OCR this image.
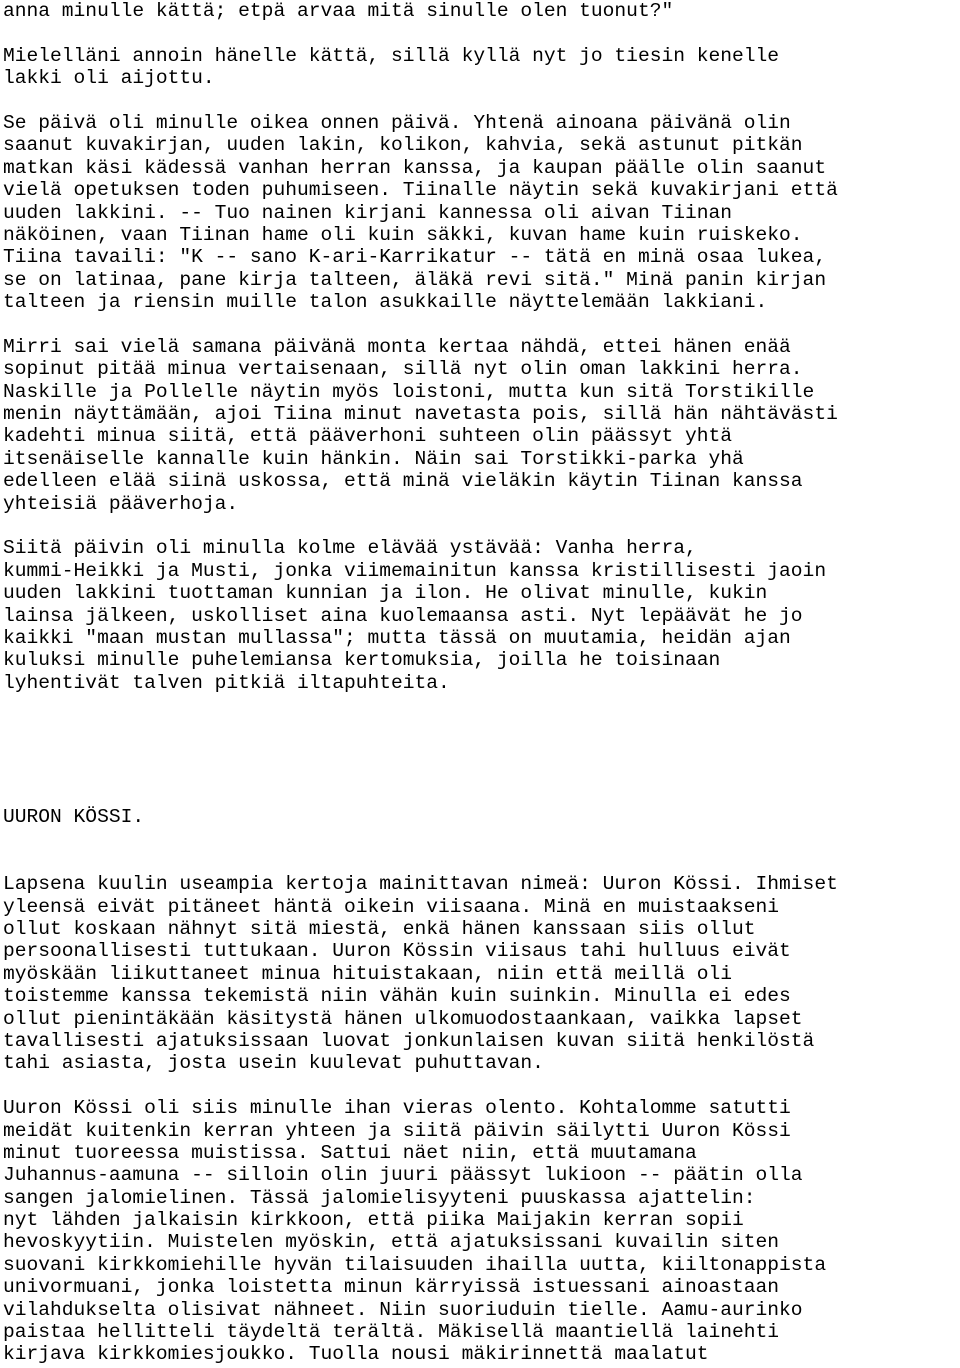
anna minulle kättä; etpä arvaa mitä sinulle olen tuonut?"
Mielelläni annoin hänelle kättä, sillä kyllä nyt jo tiesin kenelle
lakki oli aijottu.
Se päivä oli minulle oikea onnen päivä. Yhtenä ainoana päivänä olin
saanut kuvakirjan, uuden lakin, kolikon, kahvia, sekä astunut pitkän
matkan käsi kädessä vanhan herran kanssa, ja kaupan päälle olin saanut
vielä opetuksen toden puhumiseen. Tiinalle näytin sekä kuvakirjani että
uuden lakkini. -- Tuo nainen kirjani kannessa oli aivan Tiinan
näköinen, vaan Tiinan hame oli kuin säkki, kuvan hame kuin ruiskeko.
Tiina tavaili: "K -- sano K-ari-Karrikatur -- tätä en minä osaa lukea,
se on latinaa, pane kirja talteen, äläkä revi sitä." Minä panin kirjan
talteen ja riensin muille talon asukkaille näyttelemään lakkiani.
Mirri sai vielä samana päivänä monta kertaa nähdä, ettei hänen enää
sopinut pitää minua vertaisenaan, sillä nyt olin oman lakkini herra.
Naskille ja Pollelle näytin myös loistoni, mutta kun sitä Torstikille
menin näyttämään, ajoi Tiina minut navetasta pois, sillä hän nähtävästi
kadehti minua siitä, että pääverhoni suhteen olin päässyt yhtä
itsenäiselle kannalle kuin hänkin. Näin sai Torstikki-parka yhä
edelleen elää siinä uskossa, että minä vieläkin käytin Tiinan kanssa
yhteisiä pääverhoja.
Siitä päivin oli minulla kolme elävää ystävää: Vanha herra,
kummi-Heikki ja Musti, jonka viimemainitun kanssa kristillisesti jaoin
uuden lakkini tuottaman kunnian ja ilon. He olivat minulle, kukin
lainsa jälkeen, uskolliset aina kuolemaansa asti. Nyt lepäävät he jo
kaikki "maan mustan mullassa"; mutta tässä on muutamia, heidän ajan
kuluksi minulle puhelemiansa kertomuksia, joilla he toisinaan
lyhentivät talven pitkiä iltapuhteita.
UURON KÖSSI.
Lapsena kuulin useampia kertoja mainittavan nimeä: Uuron Kössi. Ihmiset
yleensä eivät pitäneet häntä oikein viisaana. Minä en muistaakseni
ollut koskaan nähnyt sitä miestä, enkä hänen kanssaan siis ollut
persoonallisesti tuttukaan. Uuron Kössin viisaus tahi hulluus eivät
myöskään liikuttaneet minua hituistakaan, niin että meillä oli
toistemme kanssa tekemistä niin vähän kuin suinkin. Minulla ei edes
ollut pienintäkään käsitystä hänen ulkomuodostaankaan, vaikka lapset
tavallisesti ajatuksissaan luovat jonkunlaisen kuvan siitä henkilöstä
tahi asiasta, josta usein kuulevat puhuttavan.
Uuron Kössi oli siis minulle ihan vieras olento. Kohtalomme satutti
meidät kuitenkin kerran yhteen ja siitä päivin säilytti Uuron Kössi
minut tuoreessa muistissa. Sattui näet niin, että muutamana
Juhannus-aamuna -- silloin olin juuri päässyt lukioon -- päätin olla
sangen jalomielinen. Tässä jalomielisyyteni puuskassa ajattelin:
nyt lähden jalkaisin kirkkoon, että piika Maijakin kerran sopii
hevoskyytiin. Muistelen myöskin, että ajatuksissani kuvailin siten
suovani kirkkomiehille hyvän tilaisuuden ihailla uutta, kiiltonappista
univormuani, jonka loistetta minun kärryissä istuessani ainoastaan
vilahdukselta olisivat nähneet. Niin suoriuduin tielle. Aamu-aurinko
paistaa hellitteli täydeltä terältä. Mäkisellä maantiellä lainehti
kirjava kirkkomiesjoukko. Tuolla nousi mäkirinnettä maalatut
